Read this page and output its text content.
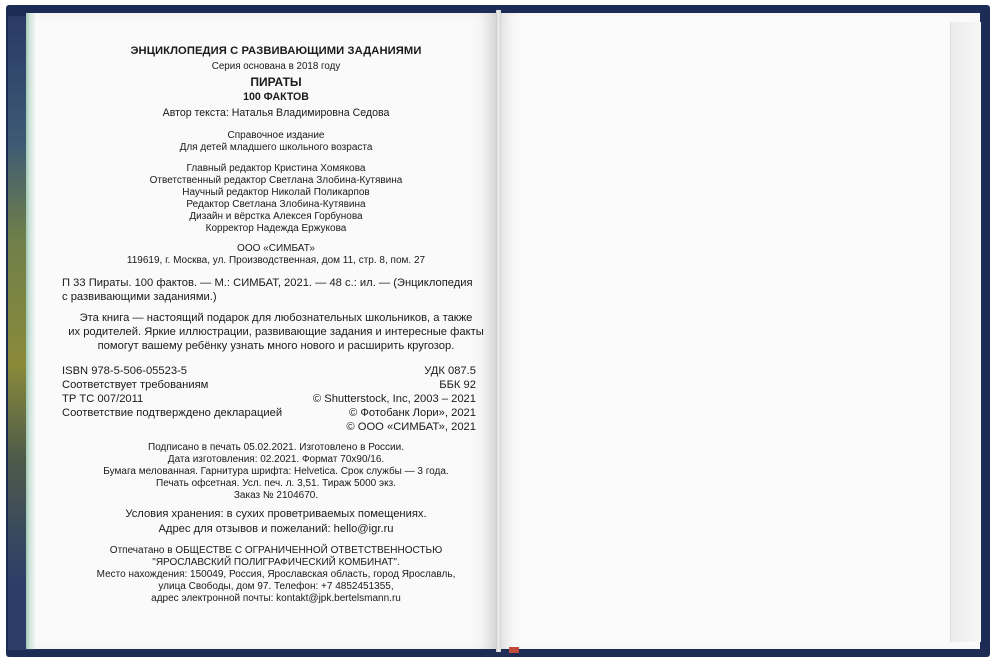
ЭНЦИКЛОПЕДИЯ С РАЗВИВАЮЩИМИ ЗАДАНИЯМИ
Серия основана в 2018 году
ПИРАТЫ
100 ФАКТОВ
Автор текста: Наталья Владимировна Седова
Справочное издание
Для детей младшего школьного возраста
Главный редактор Кристина Хомякова
Ответственный редактор Светлана Злобина-Кутявина
Научный редактор Николай Поликарпов
Редактор Светлана Злобина-Кутявина
Дизайн и вёрстка Алексея Горбунова
Корректор Надежда Ержукова
ООО «СИМБАТ»
119619, г. Москва, ул. Производственная, дом 11, стр. 8, пом. 27
П 33 Пираты. 100 фактов. — М.: СИМБАТ, 2021. — 48 с.: ил. — (Энциклопедия
с развивающими заданиями.)
Эта книга — настоящий подарок для любознательных школьников, а также
их родителей. Яркие иллюстрации, развивающие задания и интересные факты
помогут вашему ребёнку узнать много нового и расширить кругозор.
ISBN 978-5-506-05523-5
Соответствует требованиям
ТР ТС 007/2011
Соответствие подтверждено декларацией
УДК 087.5
ББК 92
© Shutterstock, Inc, 2003 – 2021
© Фотобанк Лори», 2021
© ООО «СИМБАТ», 2021
Подписано в печать 05.02.2021. Изготовлено в России.
Дата изготовления: 02.2021. Формат 70х90/16.
Бумага мелованная. Гарнитура шрифта: Helvetica. Срок службы — 3 года.
Печать офсетная. Усл. печ. л. 3,51. Тираж 5000 экз.
Заказ № 2104670.
Условия хранения: в сухих проветриваемых помещениях.
Адрес для отзывов и пожеланий: hello@igr.ru
Отпечатано в ОБЩЕСТВЕ С ОГРАНИЧЕННОЙ ОТВЕТСТВЕННОСТЬЮ
"ЯРОСЛАВСКИЙ ПОЛИГРАФИЧЕСКИЙ КОМБИНАТ".
Место нахождения: 150049, Россия, Ярославская область, город Ярославль,
улица Свободы, дом 97. Телефон: +7 4852451355,
адрес электронной почты: kontakt@jpk.bertelsmann.ru
